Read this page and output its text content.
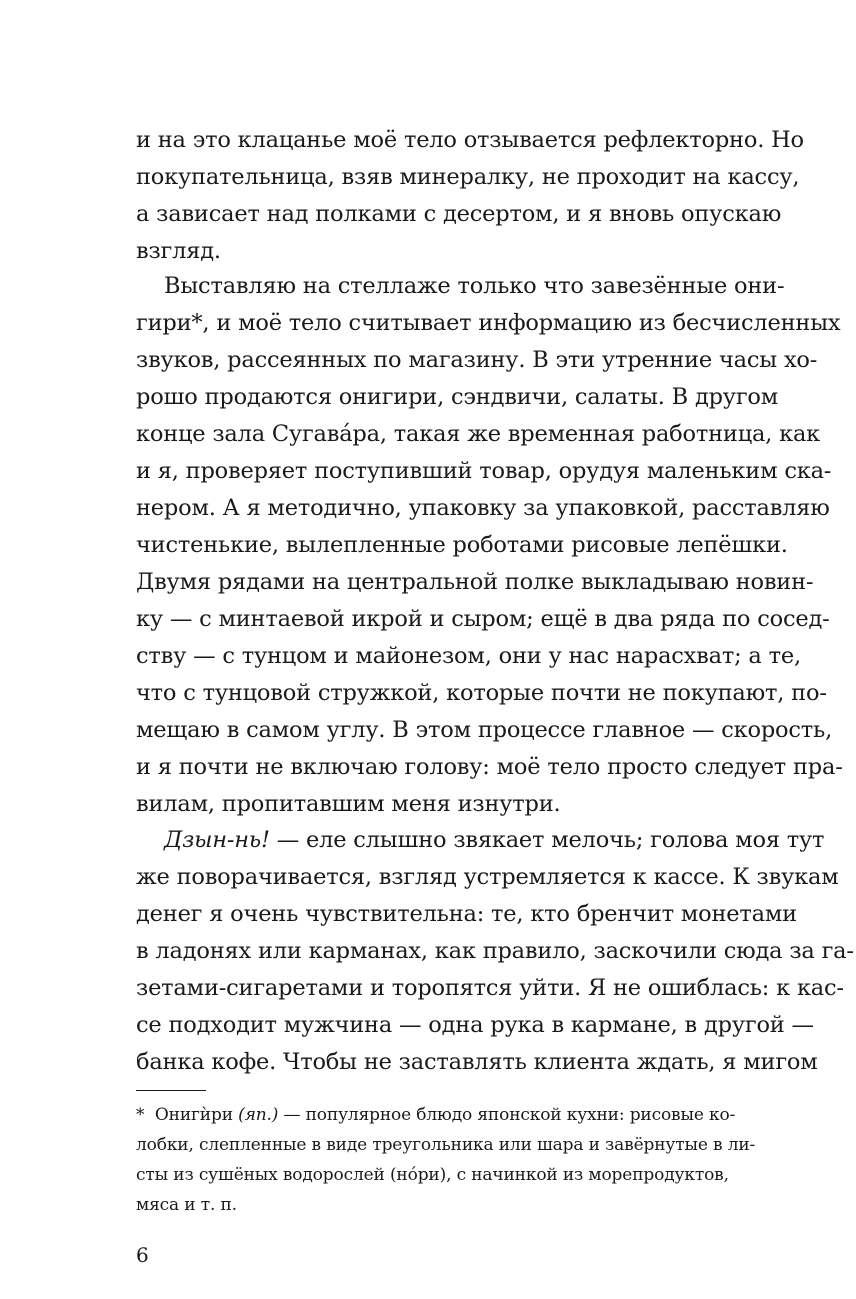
и на это клацанье моё тело отзывается рефлекторно. Но
покупательница, взяв минералку, не проходит на кассу,
а зависает над полками с десертом, и я вновь опускаю
взгляд.
Выставляю на стеллаже только что завезённые они-
гири*, и моё тело считывает информацию из бесчисленных
звуков, рассеянных по магазину. В эти утренние часы хо-
рошо продаются онигири, сэндвичи, салаты. В другом
конце зала Сугава́ра, такая же временная работница, как
и я, проверяет поступивший товар, орудуя маленьким ска-
нером. А я методично, упаковку за упаковкой, расставляю
чистенькие, вылепленные роботами рисовые лепёшки.
Двумя рядами на центральной полке выкладываю новин-
ку — с минтаевой икрой и сыром; ещё в два ряда по сосед-
ству — с тунцом и майонезом, они у нас нарасхват; а те,
что с тунцовой стружкой, которые почти не покупают, по-
мещаю в самом углу. В этом процессе главное — скорость,
и я почти не включаю голову: моё тело просто следует пра-
вилам, пропитавшим меня изнутри.
Дзын-нь! — еле слышно звякает мелочь; голова моя тут
же поворачивается, взгляд устремляется к кассе. К звукам
денег я очень чувствительна: те, кто бренчит монетами
в ладонях или карманах, как правило, заскочили сюда за га-
зетами-сигаретами и торопятся уйти. Я не ошиблась: к кас-
се подходит мужчина — одна рука в кармане, в другой —
банка кофе. Чтобы не заставлять клиента ждать, я мигом
* Онигѝри (яп.) — популярное блюдо японской кухни: рисовые ко-
лобки, слепленные в виде треугольника или шара и завёрнутые в ли-
сты из сушёных водорослей (нόри), с начинкой из морепродуктов,
мяса и т. п.
6
